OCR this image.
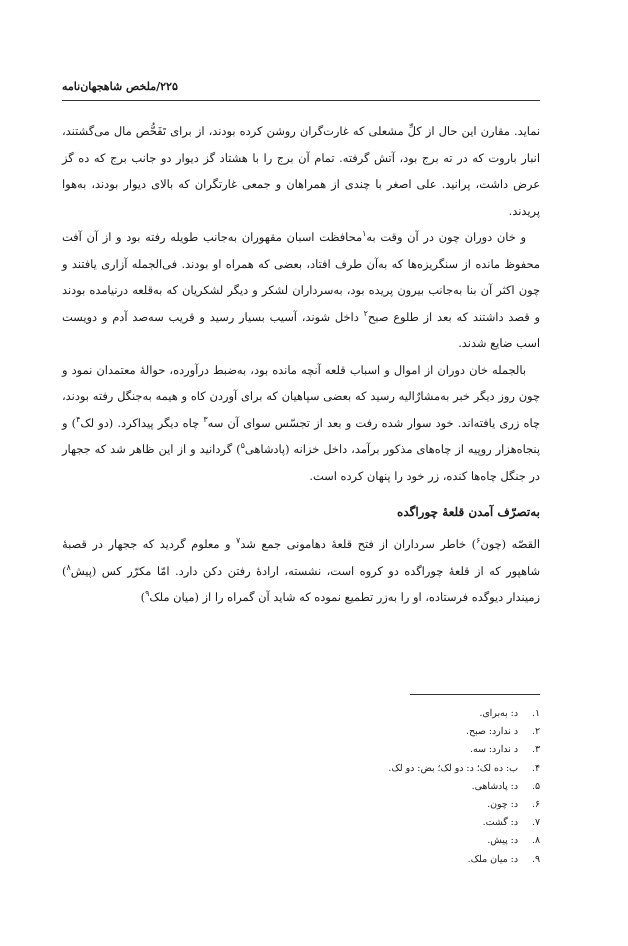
۲۲۵/ملخص شاهجهان‌نامه

نماید. مقارن این حال از کلِّ مشعلی که غارت‌گران روشن کرده بودند، از برای تَفَحُّص مال می‌گشتند، انبار باروت که در ته برج بود، آتش گرفته. تمام آن برج را با هشتاد گز دیوار دو جانب برج که ده گز عرض داشت، پرانید. علی اصغر با چندی از همراهان و جمعی غارتگران که بالای دیوار بودند، به‌هوا پریدند.

و خان دوران چون در آن وقت به$^۱$محافظت اسبان مقهوران به‌جانب طویله رفته بود و از آن آفت محفوظ مانده از سنگریزه‌ها که به‌آن طرف افتاد، بعضی که همراه او بودند. فی‌الجمله آزاری یافتند و چون اکثر آن بنا به‌جانب بیرون پریده بود، به‌سرداران لشکر و دیگر لشکریان که به‌قلعه درنیامده بودند و قصد داشتند که بعد از طلوع صبح$^۲$ داخل شوند، آسیب بسیار رسید و قریب سه‌صد آدم و دویست اسب ضایع شدند.

بالجمله خان دوران از اموال و اسباب قلعه آنچه مانده بود، به‌ضبط درآورده، حوالهٔ معتمدان نمود و چون روز دیگر خبر به‌مشارٌالیه رسید که بعضی سپاهیان که برای آوردن کاه و هیمه به‌جنگل رفته بودند، چاه زری یافته‌اند. خود سوار شده رفت و بعد از تجسّس سوای آن سه$^۳$ چاه دیگر پیداکرد. (دو لک$^۴$) و پنجاه‌هزار روپیه از چاه‌های مذکور برآمد، داخل خزانه (پادشاهی$^۵$) گردانید و از این ظاهر شد که ججهار در جنگل چاه‌ها کنده، زر خود را پنهان کرده است.

به‌تصرّف آمدن قلعهٔ چوراگده

القصّه (چون$^۶$) خاطر سرداران از فتح قلعهٔ دهامونی جمع شد$^۷$ و معلوم گردید که ججهار در قصبهٔ شاهپور که از قلعهٔ چوراگده دو کروه است، نشسته، ارادهٔ رفتن دکن دارد. امّا مکرّر کس (پیش$^۸$) زمیندار دیوگده فرستاده، او را به‌زر تطمیع نموده که شاید آن گمراه را از (میان ملک$^۹$)

۱.
د: به‌برای.
۲.
د ندارد: صبح.
۳.
د ندارد: سه.
۴.
ب: ده لک؛ د: دو لک؛ بض: دو لک.
۵.
د: پادشاهی.
۶.
د: چون.
۷.
د: گشت.
۸.
د: پیش.
۹.
د: میان ملک.
